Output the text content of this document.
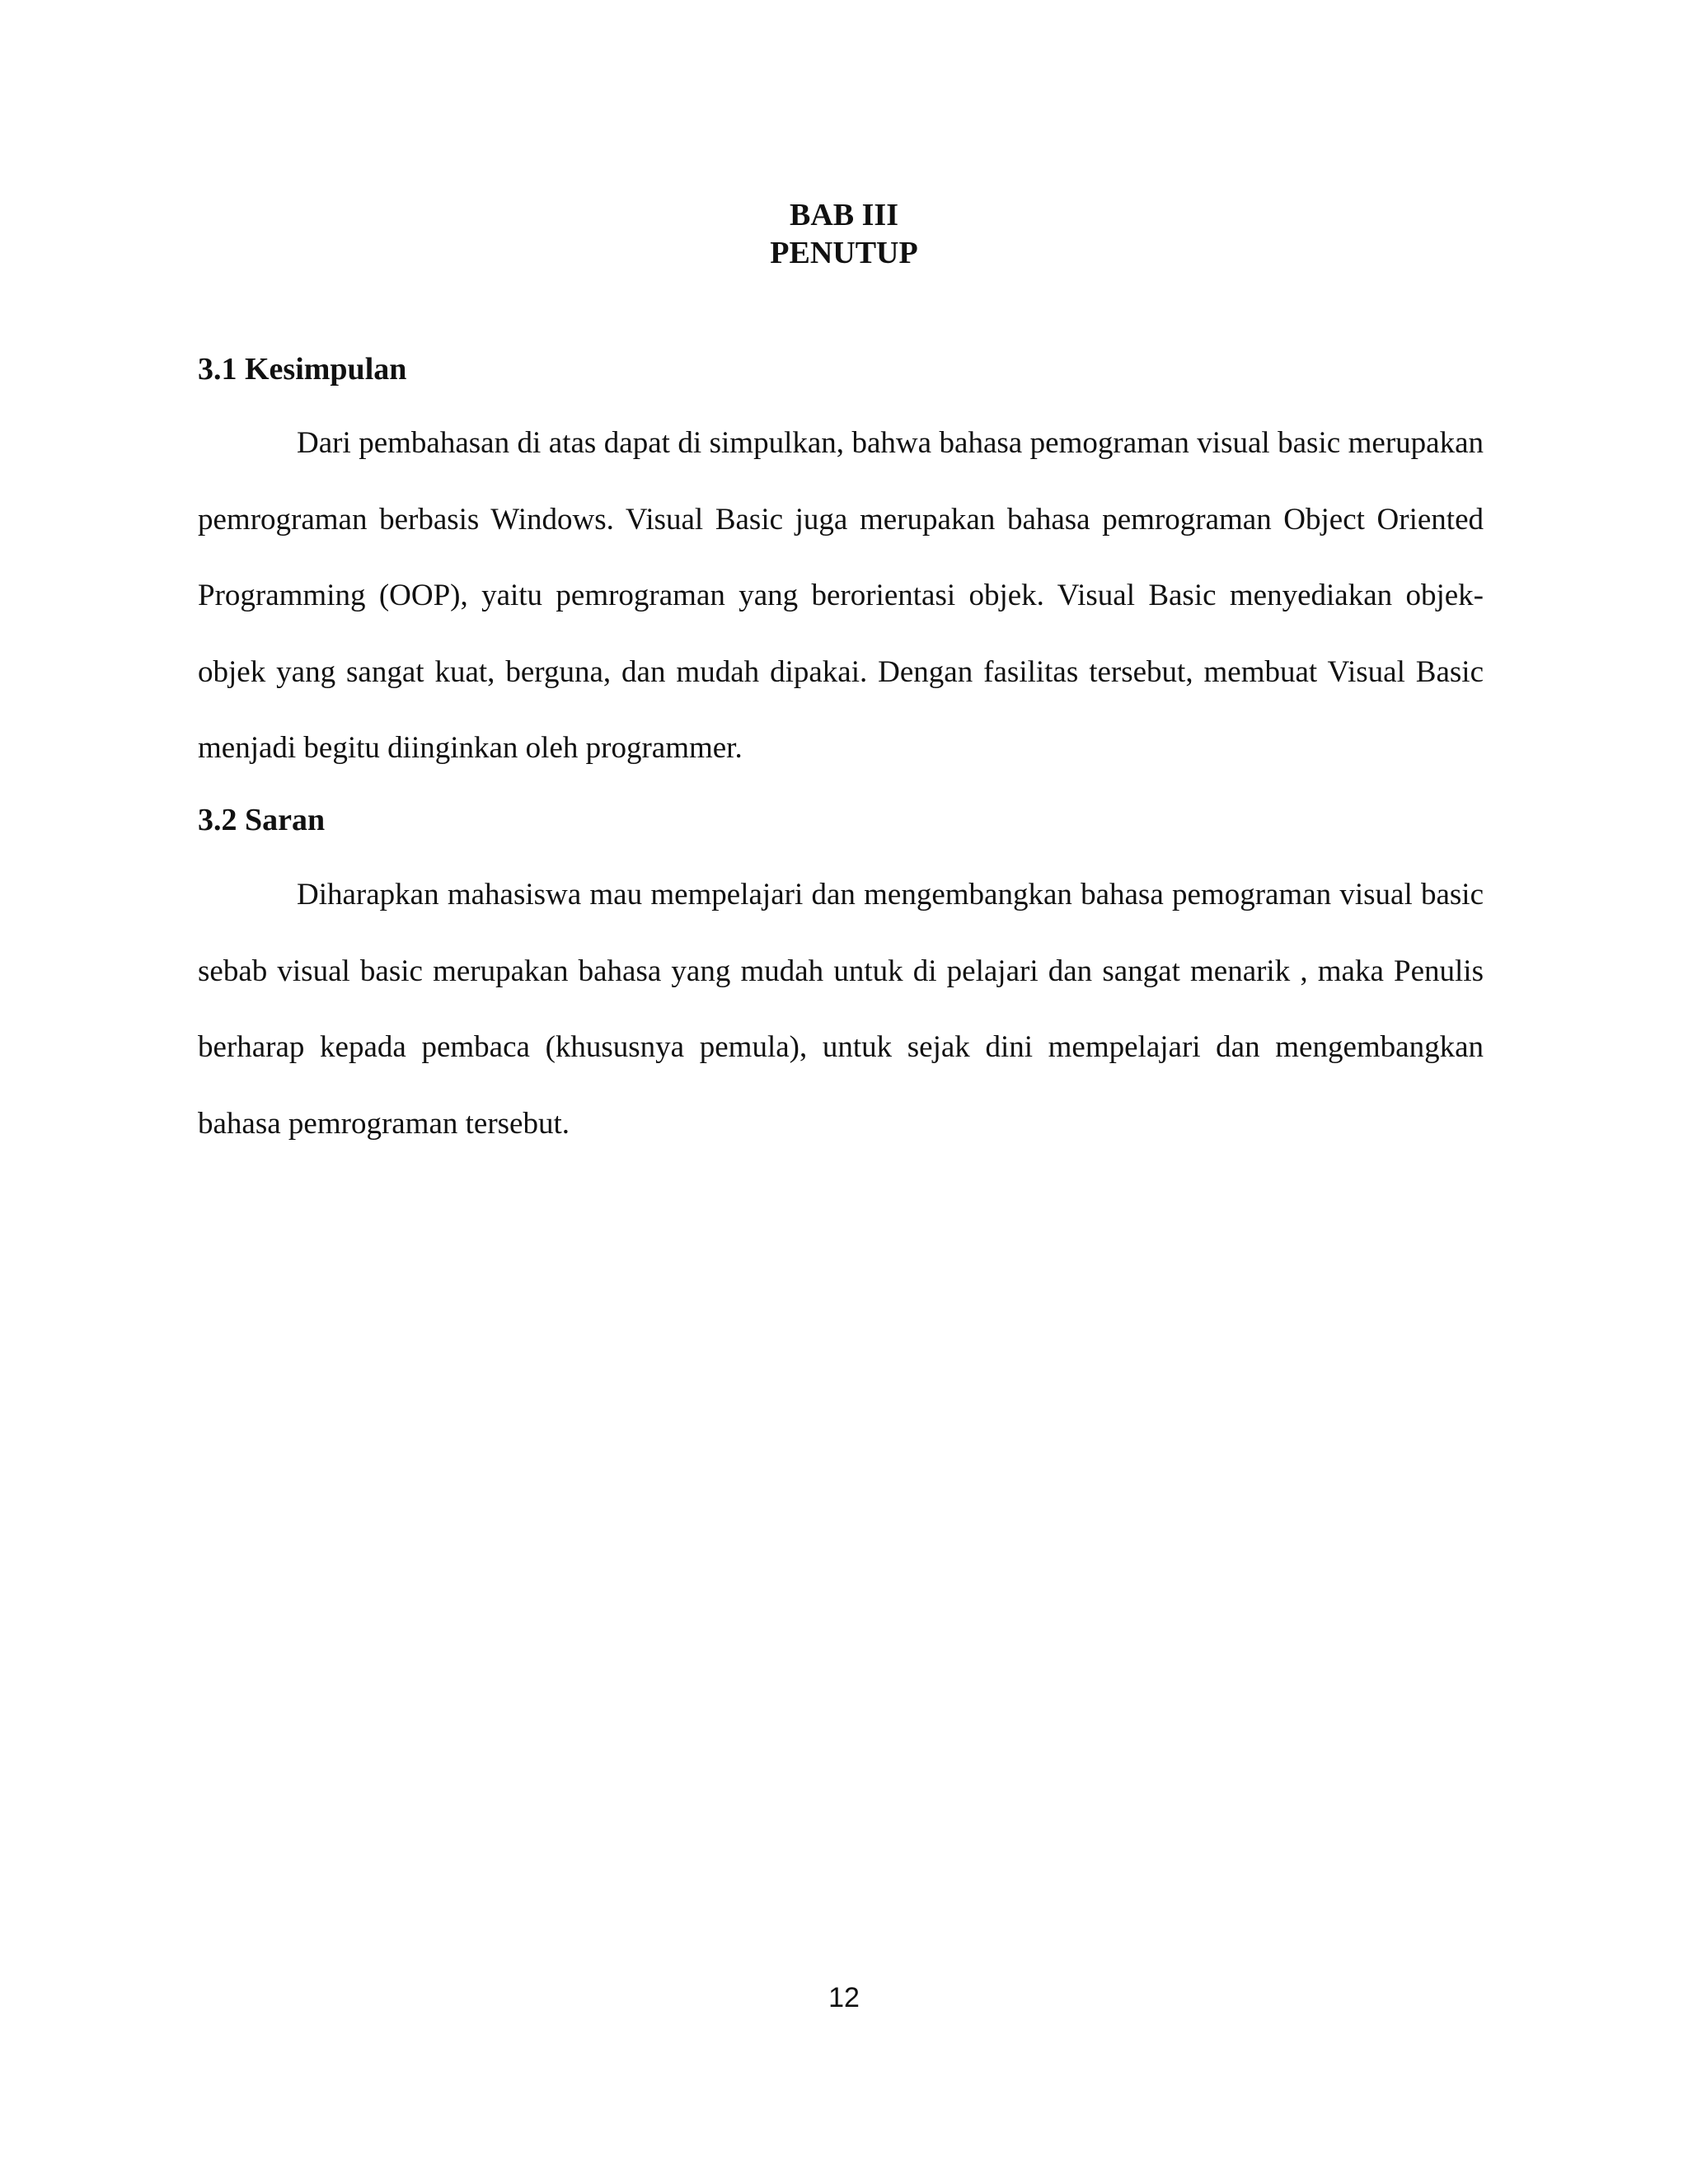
BAB III
PENUTUP
3.1 Kesimpulan

Dari pembahasan di atas dapat di simpulkan, bahwa bahasa pemograman visual basic merupakan pemrograman berbasis Windows. Visual Basic juga merupakan bahasa pemrograman Object Oriented Programming (OOP), yaitu pemrograman yang berorientasi objek. Visual Basic menyediakan objek-objek yang sangat kuat, berguna, dan mudah dipakai. Dengan fasilitas tersebut, membuat Visual Basic menjadi begitu diinginkan oleh programmer.

3.2 Saran

Diharapkan mahasiswa mau mempelajari dan mengembangkan bahasa pemograman visual basic sebab visual basic merupakan bahasa yang mudah untuk di pelajari dan sangat menarik , maka Penulis berharap kepada pembaca (khususnya pemula), untuk sejak dini mempelajari dan mengembangkan bahasa pemrograman tersebut.

12
